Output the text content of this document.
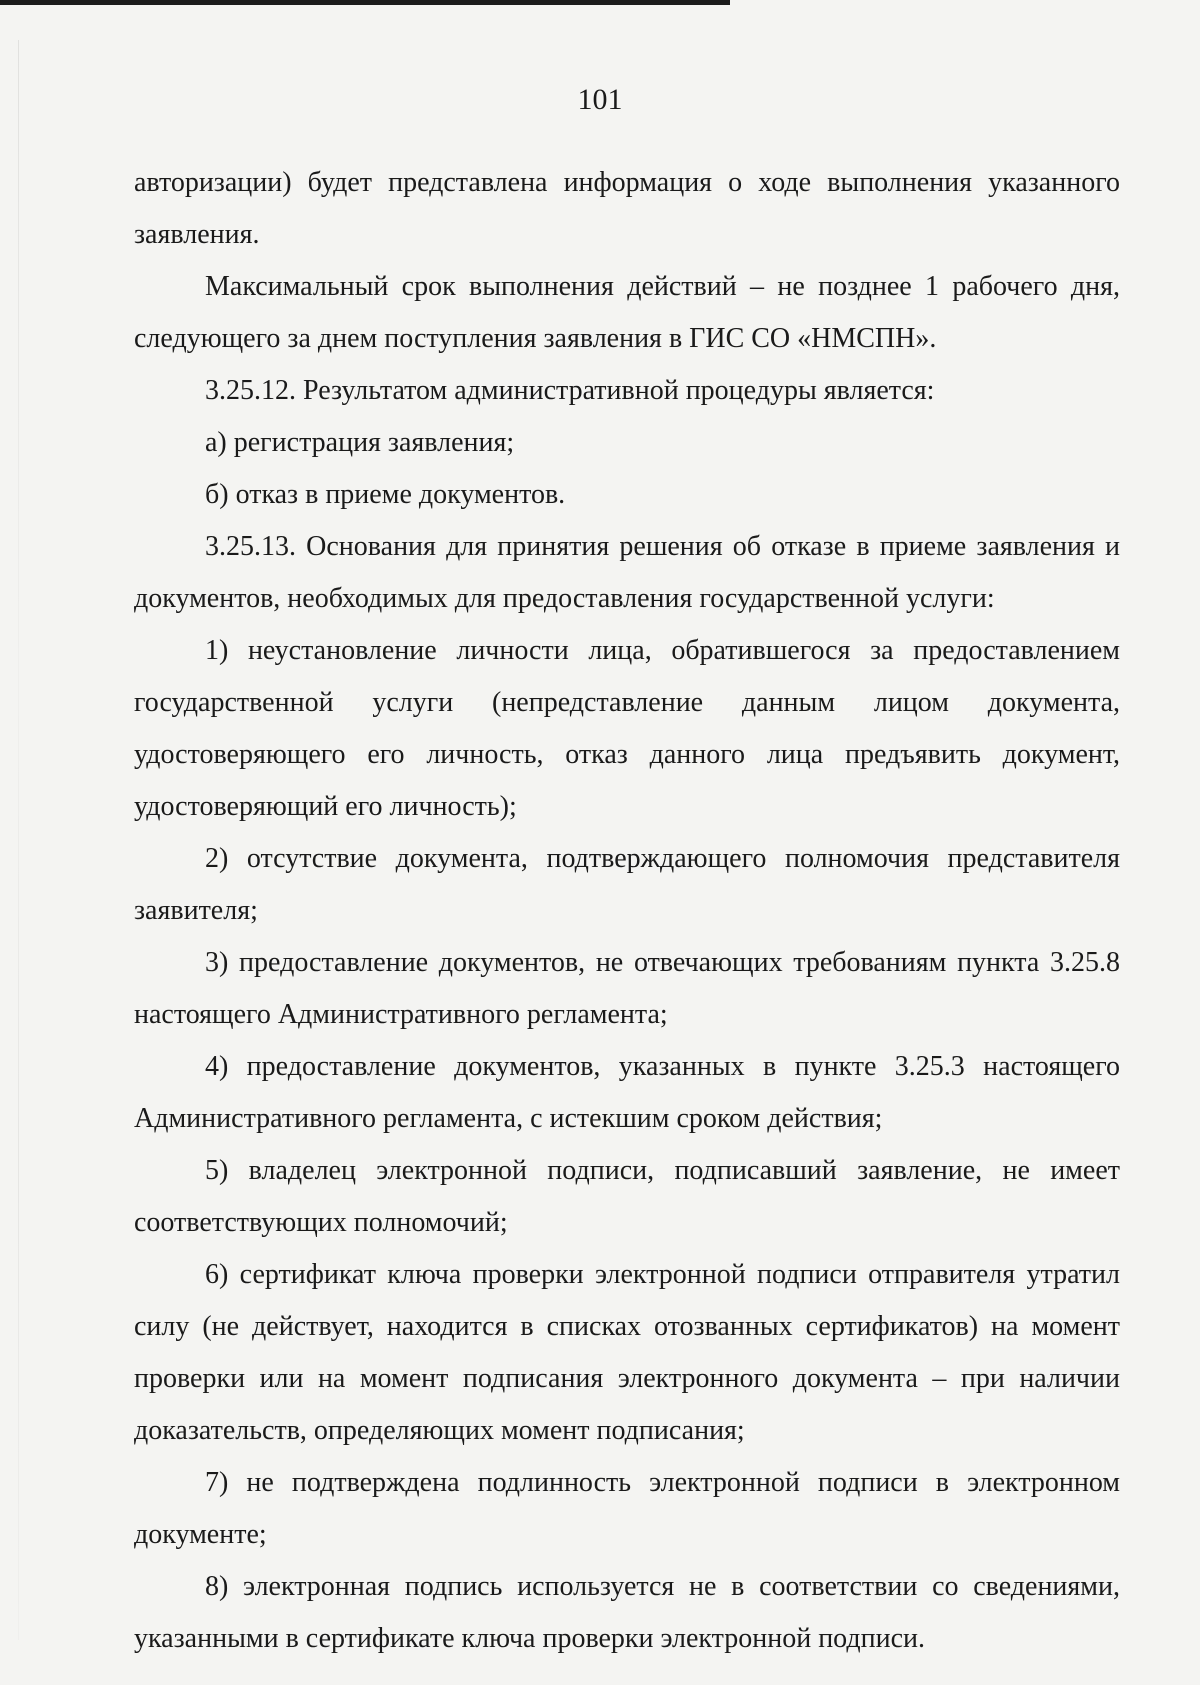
101

авторизации) будет представлена информация о ходе выполнения указанного заявления.

Максимальный срок выполнения действий – не позднее 1 рабочего дня, следующего за днем поступления заявления в ГИС СО «НМСПН».

3.25.12. Результатом административной процедуры является:

а) регистрация заявления;

б) отказ в приеме документов.

3.25.13. Основания для принятия решения об отказе в приеме заявления и документов, необходимых для предоставления государственной услуги:

1) неустановление личности лица, обратившегося за предоставлением государственной услуги (непредставление данным лицом документа, удостоверяющего его личность, отказ данного лица предъявить документ, удостоверяющий его личность);

2) отсутствие документа, подтверждающего полномочия представителя заявителя;

3) предоставление документов, не отвечающих требованиям пункта 3.25.8 настоящего Административного регламента;

4) предоставление документов, указанных в пункте 3.25.3 настоящего Административного регламента, с истекшим сроком действия;

5) владелец электронной подписи, подписавший заявление, не имеет соответствующих полномочий;

6) сертификат ключа проверки электронной подписи отправителя утратил силу (не действует, находится в списках отозванных сертификатов) на момент проверки или на момент подписания электронного документа – при наличии доказательств, определяющих момент подписания;

7) не подтверждена подлинность электронной подписи в электронном документе;

8) электронная подпись используется не в соответствии со сведениями, указанными в сертификате ключа проверки электронной подписи.
